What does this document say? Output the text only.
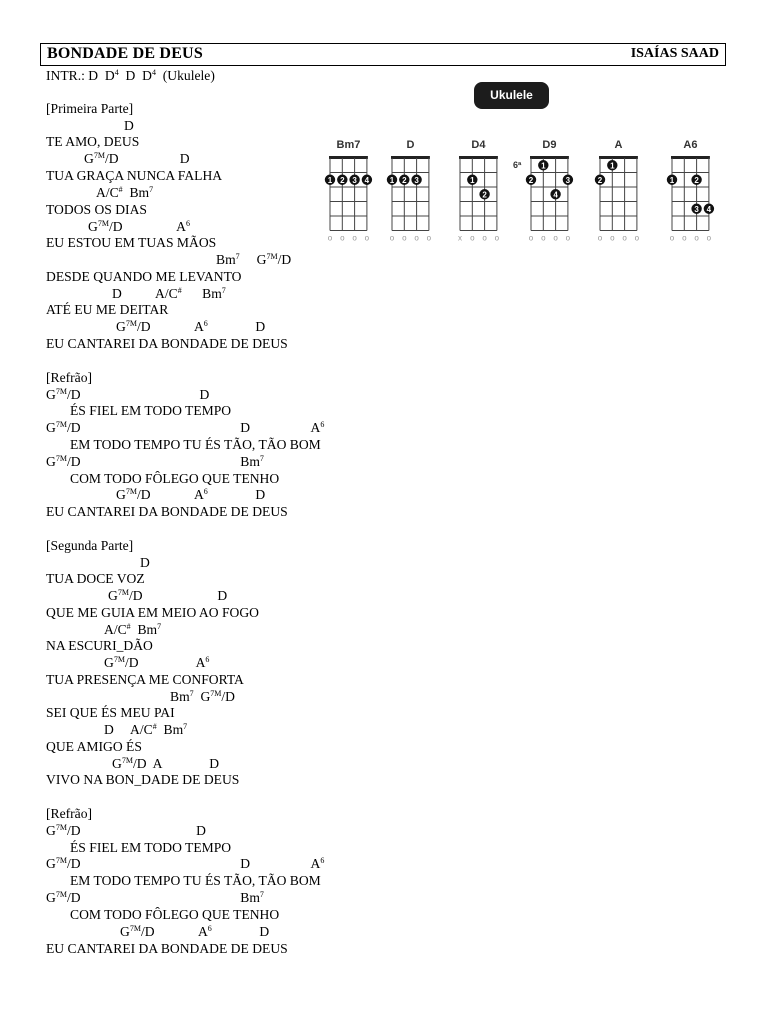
BONDADE DE DEUS	ISAÍAS SAAD
INTR.: D  $D^4$  D  $D^4$  (Ukulele)
[Primeira Parte]
D
TE AMO, DEUS
$G^{7M}/D$	D
TUA GRAÇA NUNCA FALHA
A/C#  Bm$^7$
TODOS OS DIAS
$G^{7M}/D$	$A^6$
EU ESTOU EM TUAS MÃOS
Bm$^7$     $G^{7M}/D$
DESDE QUANDO ME LEVANTO
D          A/C#      Bm$^7$
ATÉ EU ME DEITAR
$G^{7M}/D$             $A^6$              D
EU CANTAREI DA BONDADE DE DEUS
[Refrão]
$G^{7M}/D$                                   D
ÉS FIEL EM TODO TEMPO
$G^{7M}/D$                                               D                  $A^6$
EM TODO TEMPO TU ÉS TÃO, TÃO BOM
$G^{7M}/D$                                               Bm$^7$
COM TODO FÔLEGO QUE TENHO
$G^{7M}/D$             $A^6$              D
EU CANTAREI DA BONDADE DE DEUS
[Segunda Parte]
D
TUA DOCE VOZ
$G^{7M}/D$                      D
QUE ME GUIA EM MEIO AO FOGO
A/C#  Bm$^7$
NA ESCURI_DÃO
$G^{7M}/D$                 $A^6$
TUA PRESENÇA ME CONFORTA
Bm$^7$  $G^{7M}/D$
SEI QUE ÉS MEU PAI
D     A/C#  Bm$^7$
QUE AMIGO ÉS
$G^{7M}/D$  A              D
VIVO NA BON_DADE DE DEUS
[Refrão]
$G^{7M}/D$                                  D
ÉS FIEL EM TODO TEMPO
$G^{7M}/D$                                               D                  $A^6$
EM TODO TEMPO TU ÉS TÃO, TÃO BOM
$G^{7M}/D$                                               Bm$^7$
COM TODO FÔLEGO QUE TENHO
$G^{7M}/D$             $A^6$              D
EU CANTAREI DA BONDADE DE DEUS
Ukulele
Bm7
1 2 3 4
o o o o
D
1 2 3
o o o o
D4
1
2
x o o o
D9
6ª 1
2	3
4
o o o o
A
1
2
o o o o
A6
1	2
3 4
o o o o
